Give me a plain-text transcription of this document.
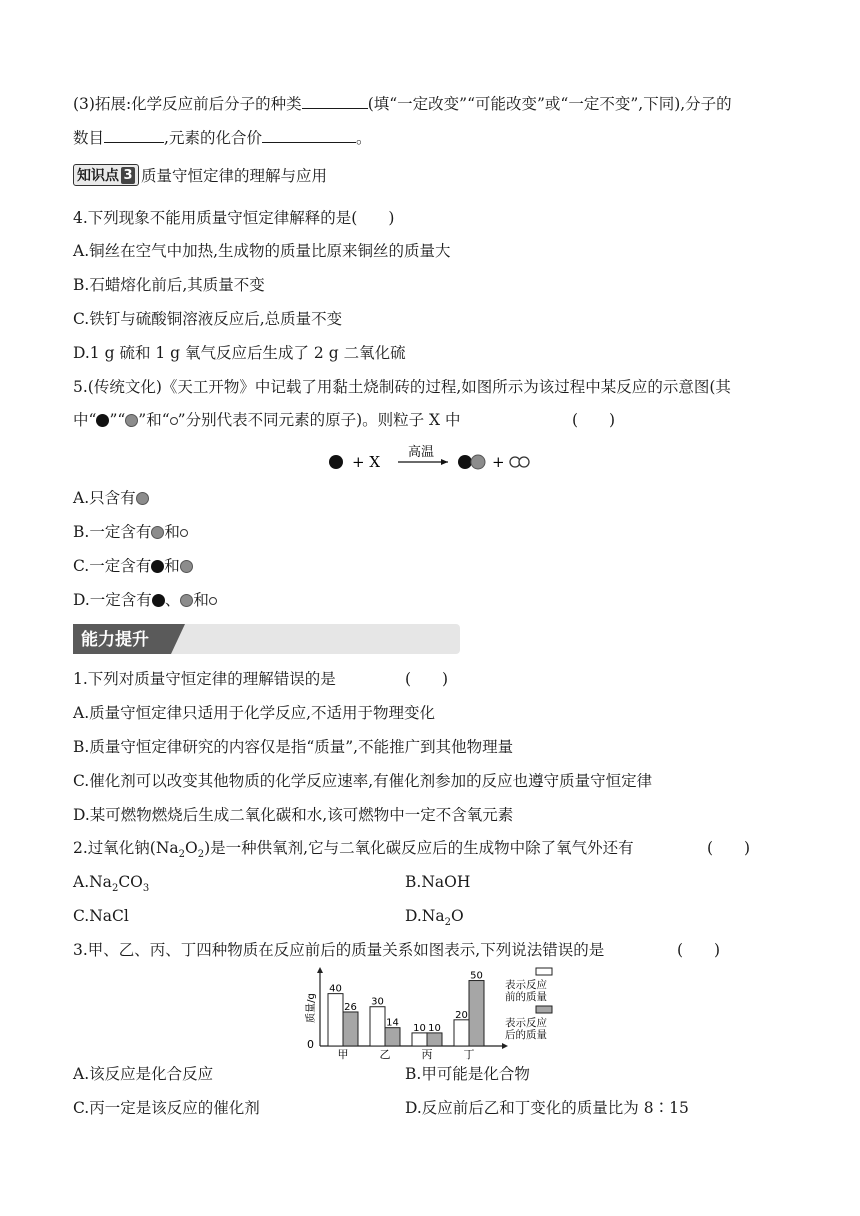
(3)拓展:化学反应前后分子的种类	(填“一定改变”“可能改变”或“一定不变”,下同),分子的
数目	,元素的化合价	。
知识点 3 质量守恒定律的理解与应用
4.下列现象不能用质量守恒定律解释的是(　　)
A.铜丝在空气中加热,生成物的质量比原来铜丝的质量大
B.石蜡熔化前后,其质量不变
C.铁钉与硫酸铜溶液反应后,总质量不变
D.1 g 硫和 1 g 氧气反应后生成了 2 g 二氧化硫
5.(传统文化)《天工开物》中记载了用黏土烧制砖的过程,如图所示为该过程中某反应的示意图(其
中“ ”“ ”和“ ”分别代表不同元素的原子)。则粒子 X 中	(　　)
+ X
高温
+
A.只含有
B.一定含有 和
C.一定含有 和
D.一定含有 、 和
能力提升
1.下列对质量守恒定律的理解错误的是	(　　)
A.质量守恒定律只适用于化学反应,不适用于物理变化
B.质量守恒定律研究的内容仅是指“质量”,不能推广到其他物理量
C.催化剂可以改变其他物质的化学反应速率,有催化剂参加的反应也遵守质量守恒定律
D.某可燃物燃烧后生成二氧化碳和水,该可燃物中一定不含氧元素
2.过氧化钠$(Na_2O_2)$是一种供氧剂,它与二氧化碳反应后的生成物中除了氧气外还有	(　　)
$A.Na_2CO_3$	B.NaOH
C.NaCl	$D.Na_2O$
3.甲、乙、丙、丁四种物质在反应前后的质量关系如图表示,下列说法错误的是	(　　)
0
质量/g
40
26
甲
30
14
乙
10 10
丙
20
50
丁
表示反应
前的质量
表示反应
后的质量
A.该反应是化合反应	B.甲可能是化合物
C.丙一定是该反应的催化剂	D.反应前后乙和丁变化的质量比为 8∶15
